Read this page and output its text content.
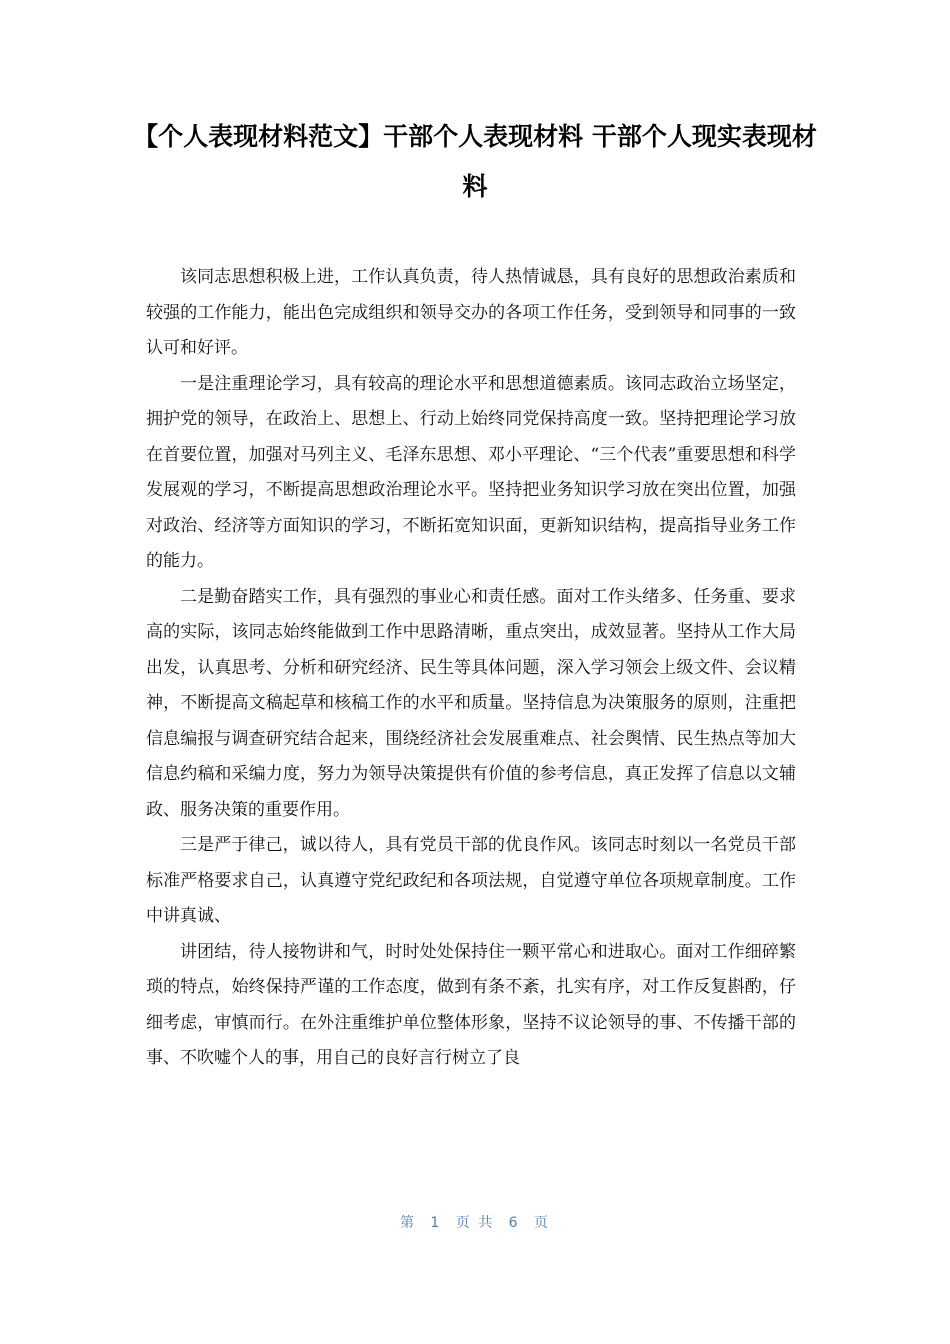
【个人表现材料范文】干部个人表现材料 干部个人现实表现材料

该同志思想积极上进，工作认真负责，待人热情诚恳，具有良好的思想政治素质和较强的工作能力，能出色完成组织和领导交办的各项工作任务，受到领导和同事的一致认可和好评。

一是注重理论学习，具有较高的理论水平和思想道德素质。该同志政治立场坚定，拥护党的领导，在政治上、思想上、行动上始终同党保持高度一致。坚持把理论学习放在首要位置，加强对马列主义、毛泽东思想、邓小平理论、“三个代表”重要思想和科学发展观的学习，不断提高思想政治理论水平。坚持把业务知识学习放在突出位置，加强对政治、经济等方面知识的学习，不断拓宽知识面，更新知识结构，提高指导业务工作的能力。

二是勤奋踏实工作，具有强烈的事业心和责任感。面对工作头绪多、任务重、要求高的实际，该同志始终能做到工作中思路清晰，重点突出，成效显著。坚持从工作大局出发，认真思考、分析和研究经济、民生等具体问题，深入学习领会上级文件、会议精神，不断提高文稿起草和核稿工作的水平和质量。坚持信息为决策服务的原则，注重把信息编报与调查研究结合起来，围绕经济社会发展重难点、社会舆情、民生热点等加大信息约稿和采编力度，努力为领导决策提供有价值的参考信息，真正发挥了信息以文辅政、服务决策的重要作用。

三是严于律己，诚以待人，具有党员干部的优良作风。该同志时刻以一名党员干部标准严格要求自己，认真遵守党纪政纪和各项法规，自觉遵守单位各项规章制度。工作中讲真诚、

讲团结，待人接物讲和气，时时处处保持住一颗平常心和进取心。面对工作细碎繁琐的特点，始终保持严谨的工作态度，做到有条不紊，扎实有序，对工作反复斟酌，仔细考虑，审慎而行。在外注重维护单位整体形象，坚持不议论领导的事、不传播干部的事、不吹嘘个人的事，用自己的良好言行树立了良

第 1 页 共 6 页
